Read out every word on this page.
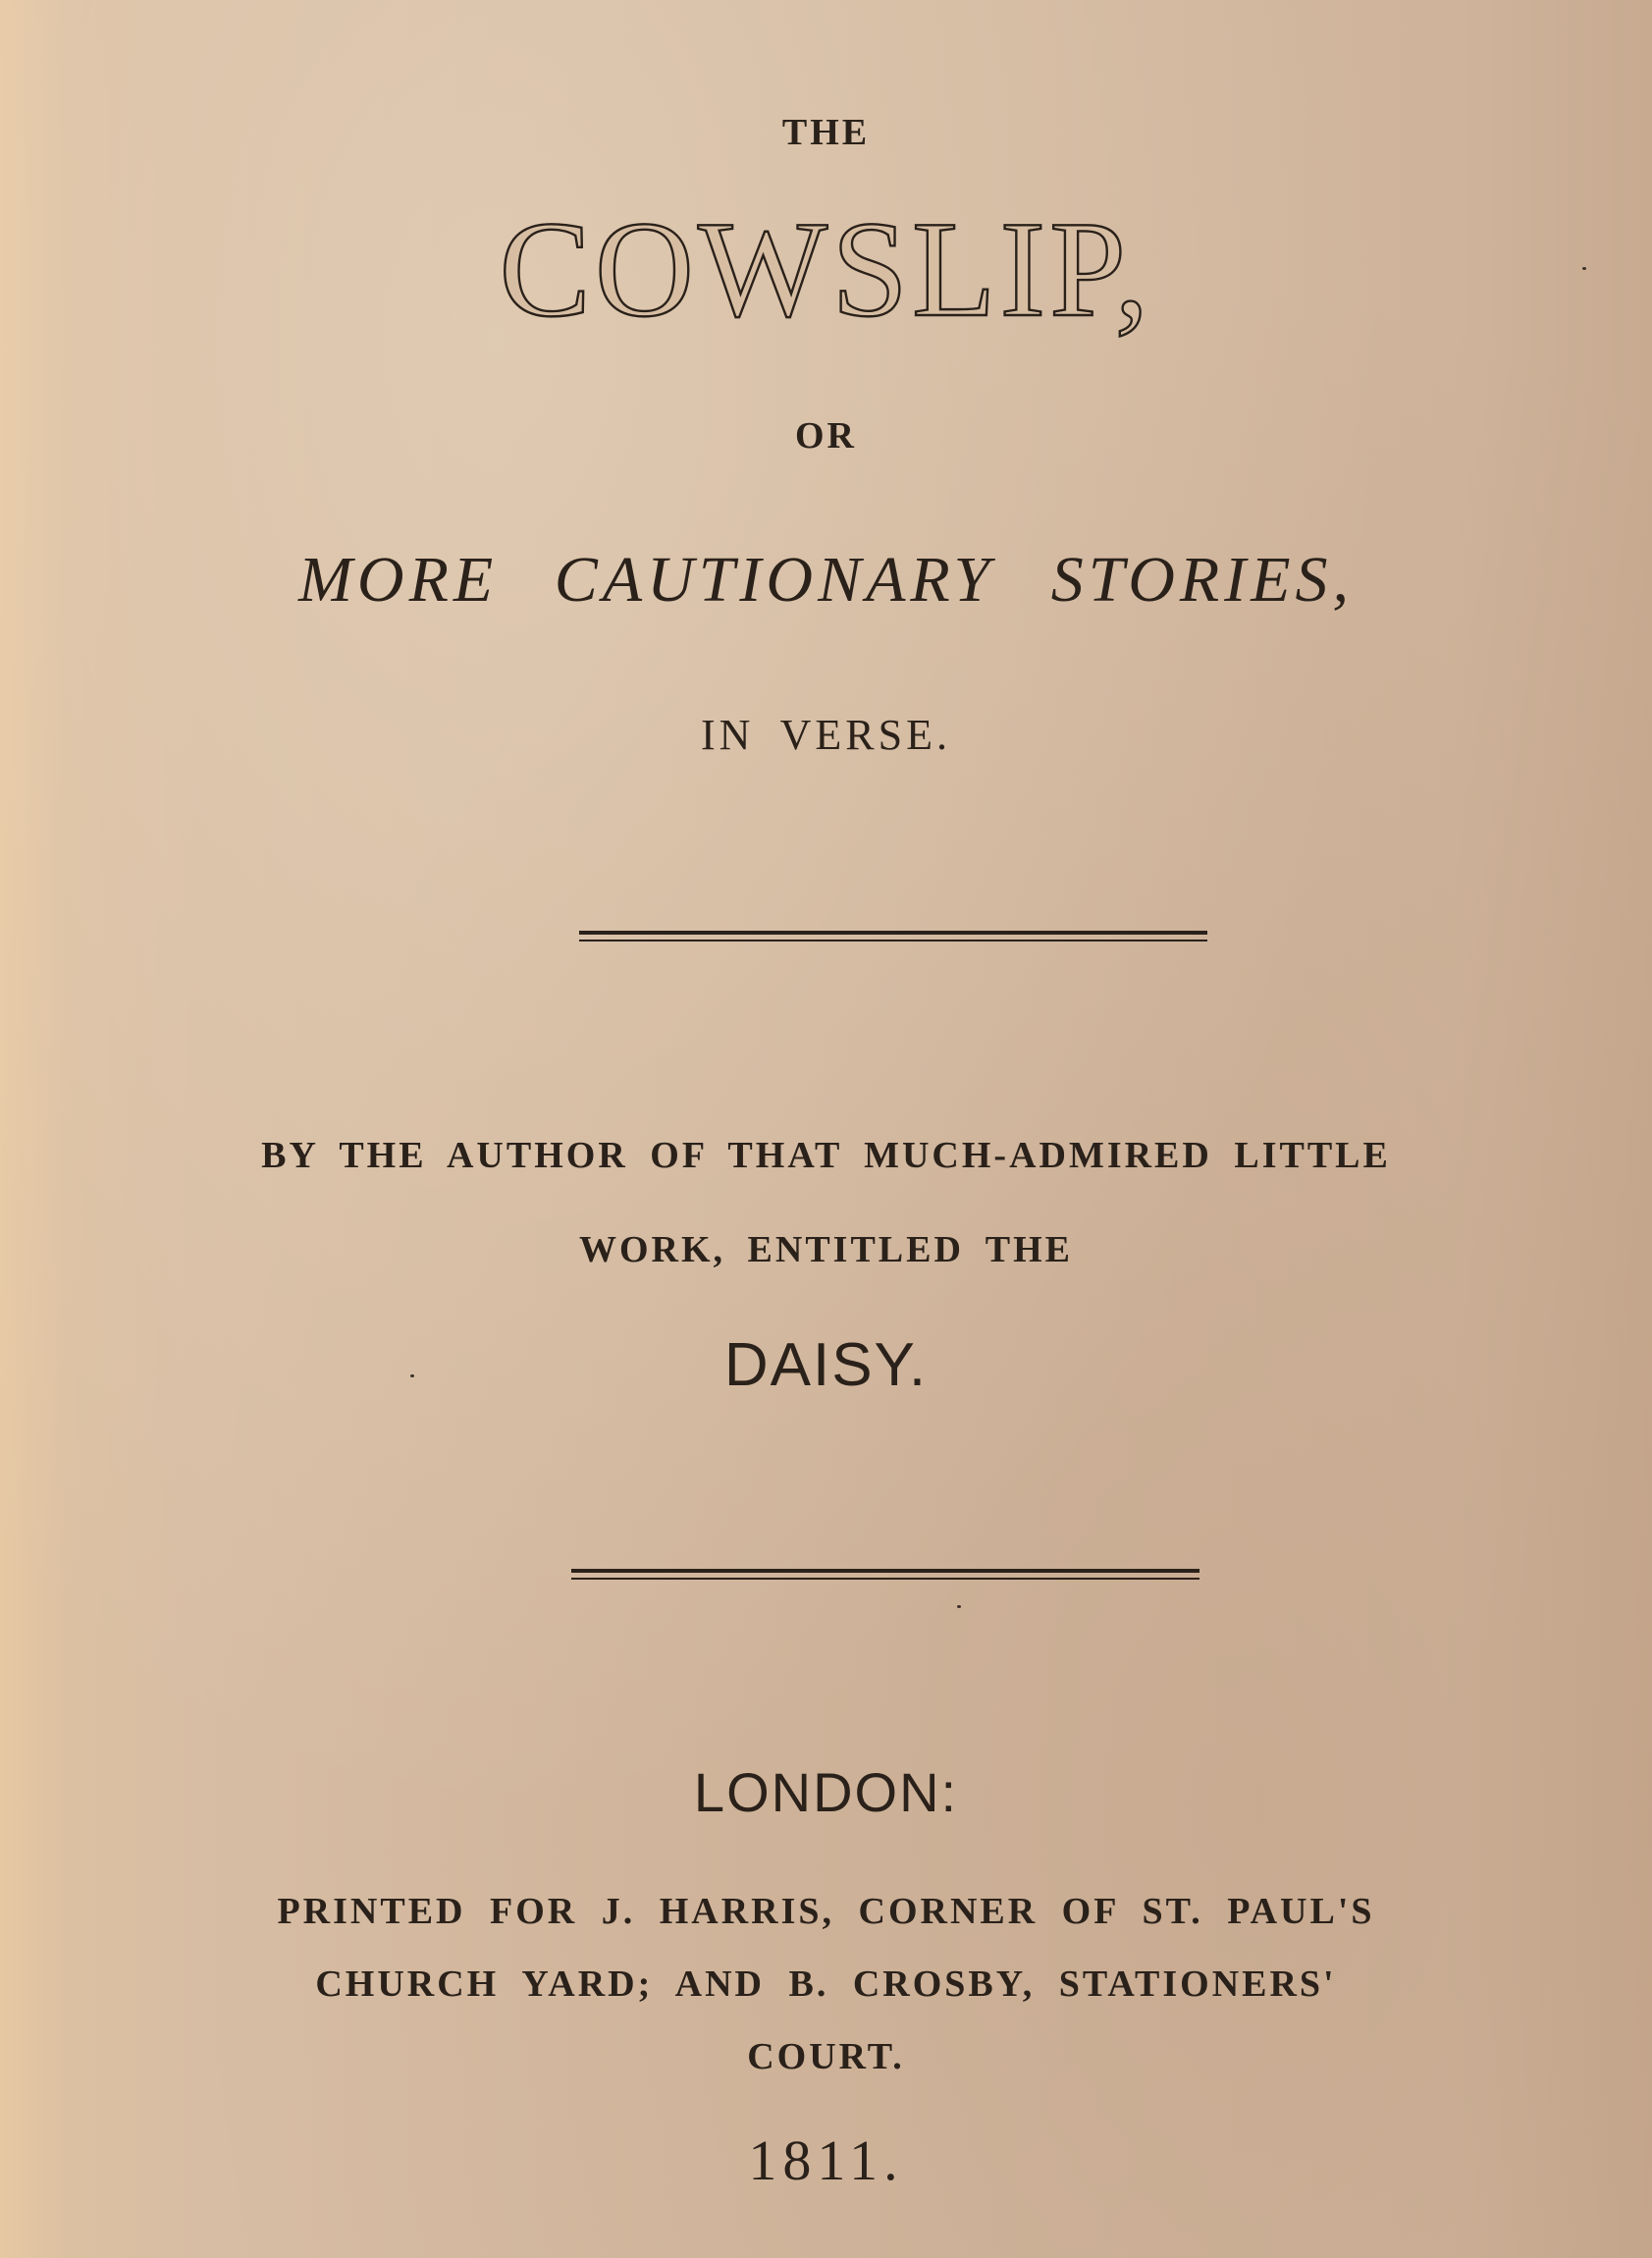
THE
COWSLIP,
OR
MORE CAUTIONARY STORIES,
IN VERSE.
BY THE AUTHOR OF THAT MUCH-ADMIRED LITTLE
WORK, ENTITLED THE
DAISY.
LONDON:
PRINTED FOR J. HARRIS, CORNER OF ST. PAUL'S
CHURCH YARD; AND B. CROSBY, STATIONERS'
COURT.
1811.
